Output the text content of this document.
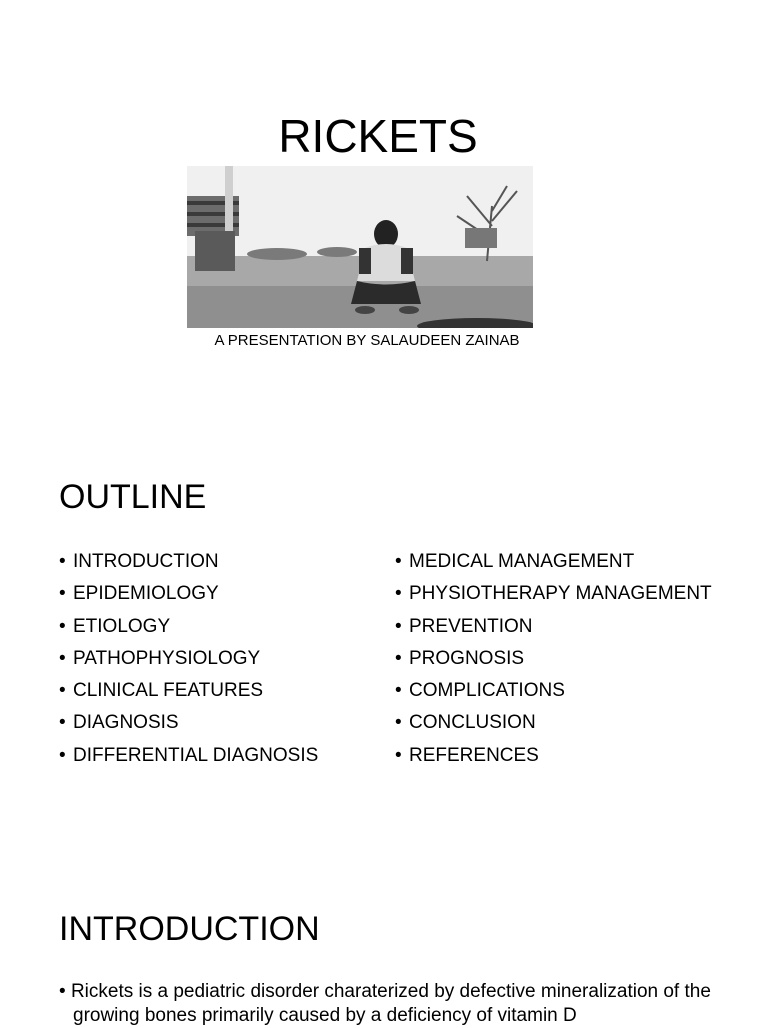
RICKETS

A PRESENTATION BY SALAUDEEN ZAINAB

OUTLINE
• INTRODUCTION
• EPIDEMIOLOGY
• ETIOLOGY
• PATHOPHYSIOLOGY
• CLINICAL FEATURES
• DIAGNOSIS
• DIFFERENTIAL DIAGNOSIS
• MEDICAL MANAGEMENT
• PHYSIOTHERAPY MANAGEMENT
• PREVENTION
• PROGNOSIS
• COMPLICATIONS
• CONCLUSION
• REFERENCES
INTRODUCTION

• Rickets is a pediatric disorder charaterized by defective mineralization of the growing bones primarily caused by a deficiency of vitamin D
